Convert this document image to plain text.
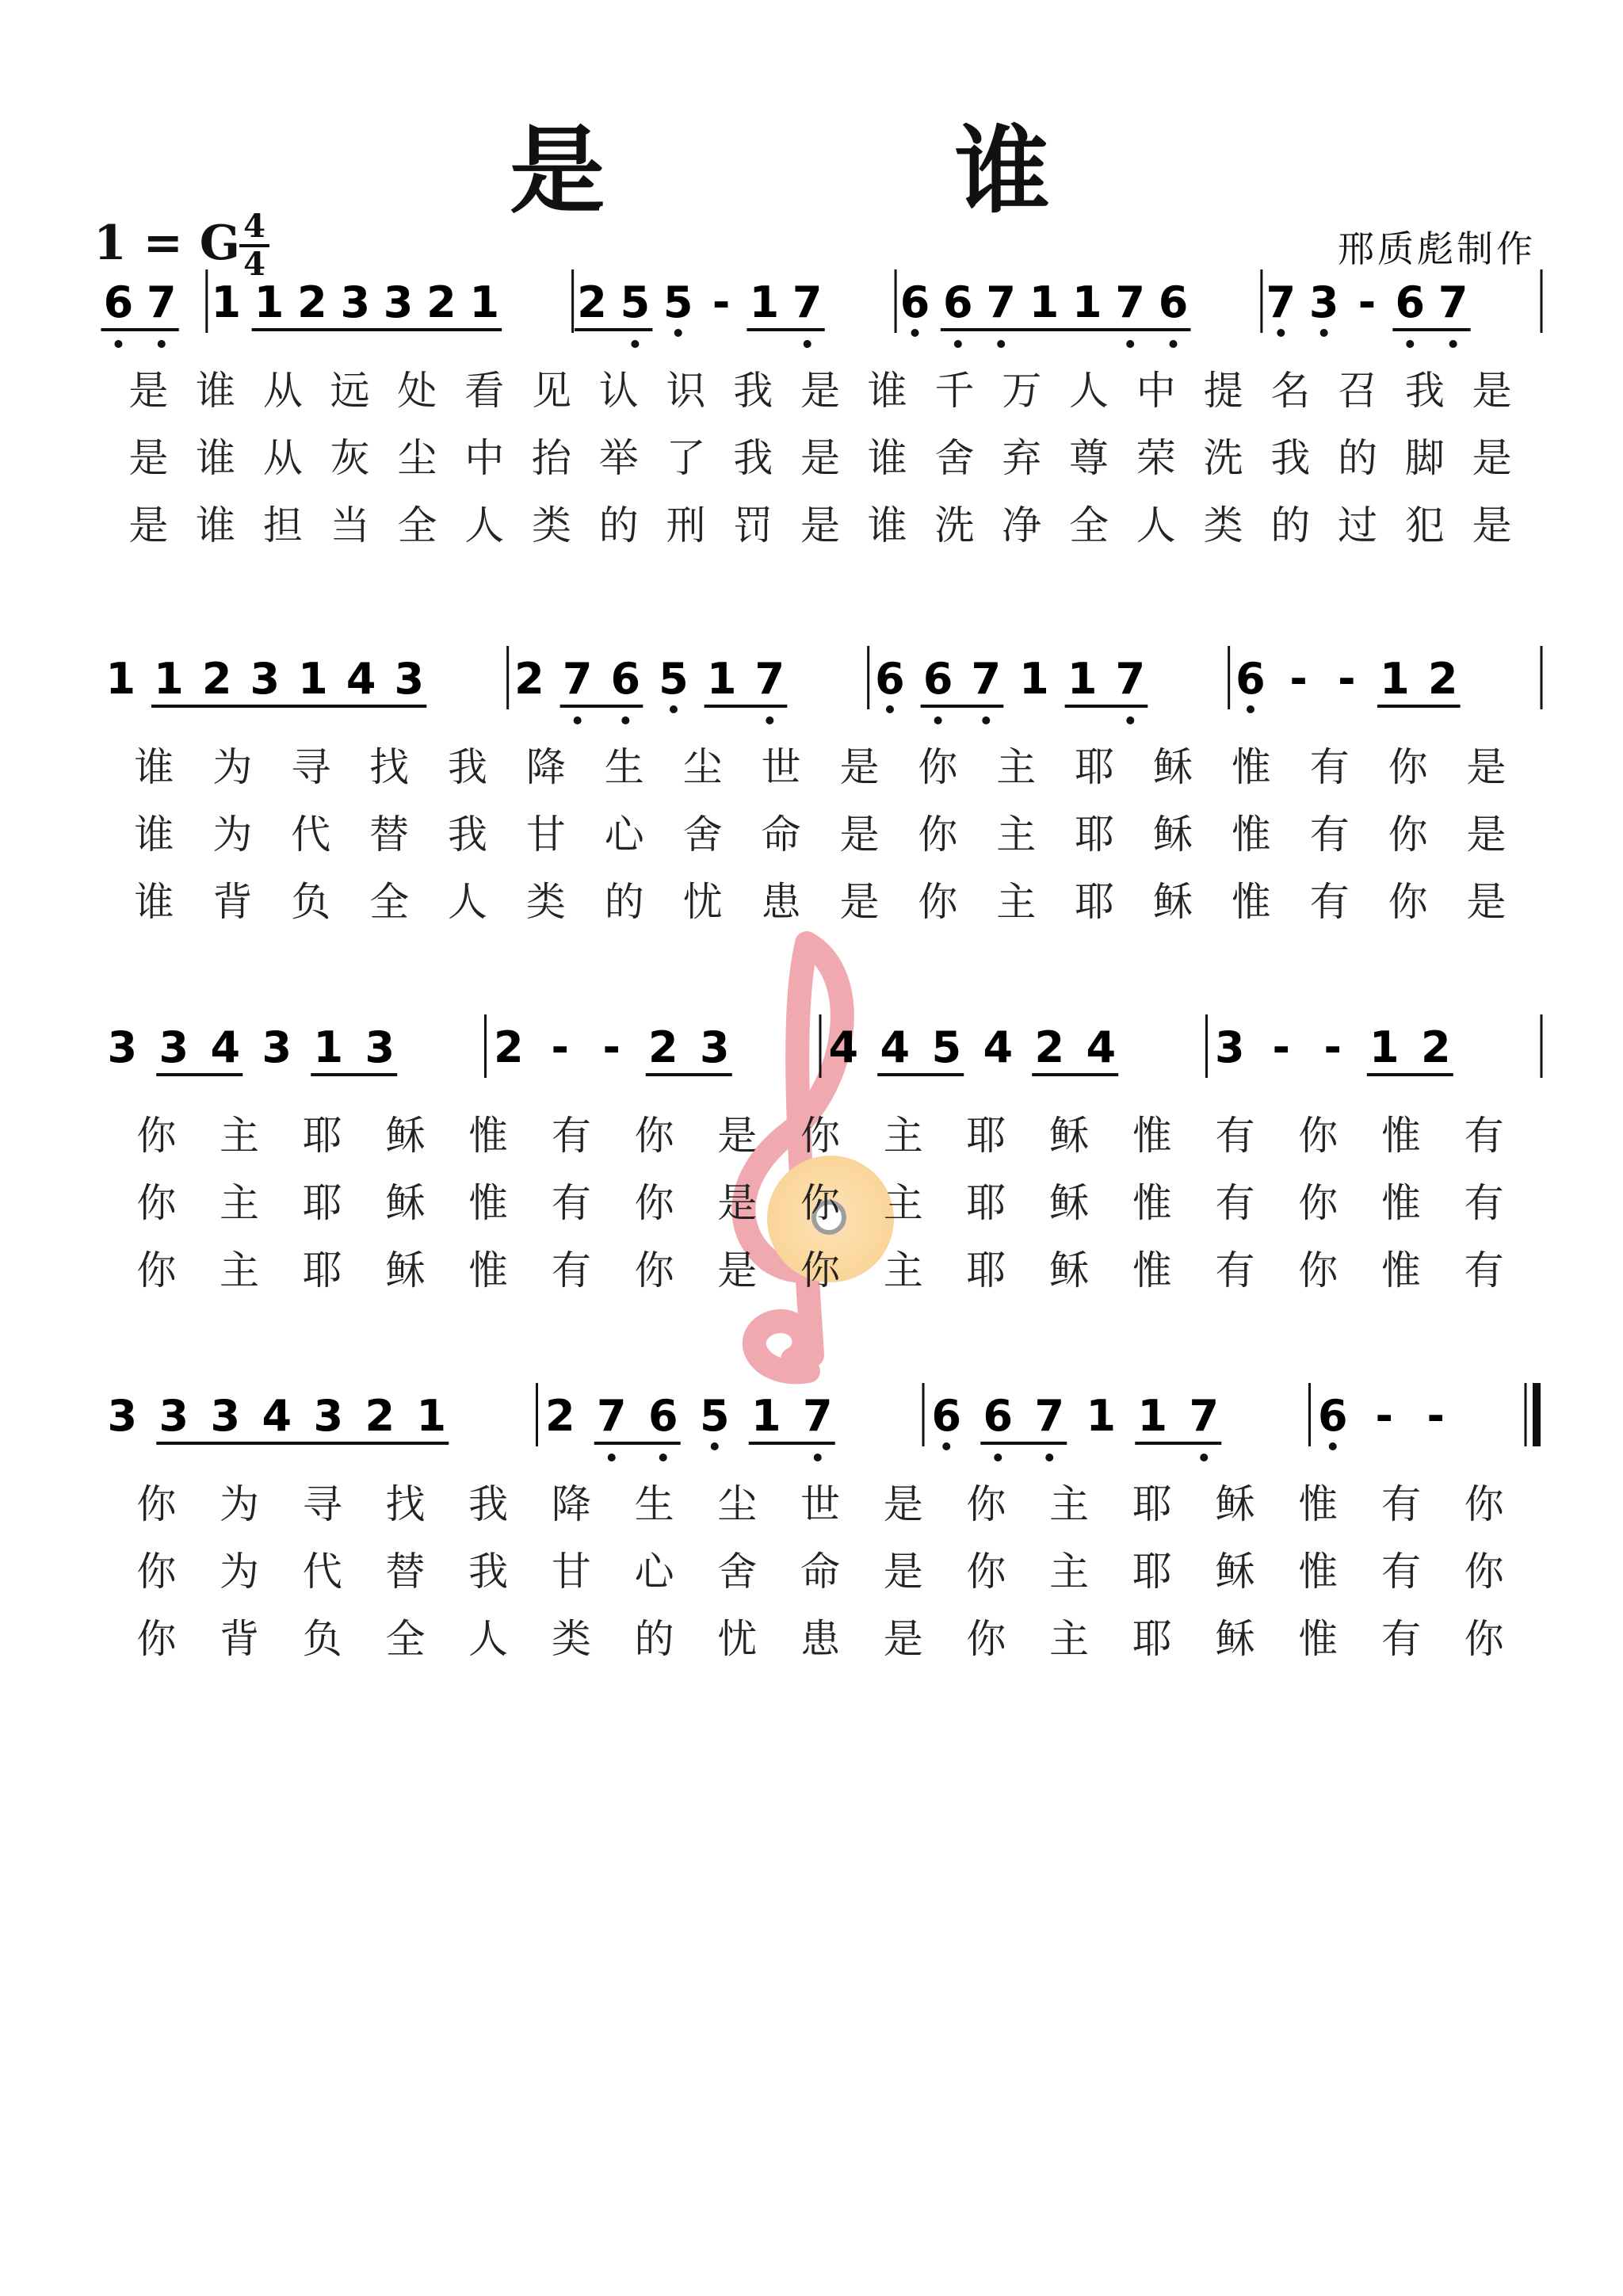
是 谁
1 = G 4
4	邢质彪制作
6 7 1 1 2 3 3 2 1 2 5 5 - 1 7 6 6 7 1 1 7 6 7 3 - 6 7
是 谁 从 远 处 看 见 认 识 我 是 谁 千 万 人 中 提 名 召 我 是
是 谁 从 灰 尘 中 抬 举 了 我 是 谁 舍 弃 尊 荣 洗 我 的 脚 是
是 谁 担 当 全 人 类 的 刑 罚 是 谁 洗 净 全 人 类 的 过 犯 是
1 1 2 3 1 4 3 2 7 6 5 1 7 6 6 7 1 1 7 6 - - 1 2
谁 为 寻 找 我 降 生 尘 世 是 你 主 耶 稣 惟 有 你 是
谁 为 代 替 我 甘 心 舍 命 是 你 主 耶 稣 惟 有 你 是
谁 背 负 全 人 类 的 忧 患 是 你 主 耶 稣 惟 有 你 是
3 3 4 3 1 3 2 - - 2 3 4 4 5 4 2 4 3 - - 1 2
你 主 耶 稣 惟 有 你 是 你 主 耶 稣 惟 有 你 惟 有
你 主 耶 稣 惟 有 你 是 你 主 耶 稣 惟 有 你 惟 有
你 主 耶 稣 惟 有 你 是 你 主 耶 稣 惟 有 你 惟 有
3 3 3 4 3 2 1 2 7 6 5 1 7 6 6 7 1 1 7 6 - -
你 为 寻 找 我 降 生 尘 世 是 你 主 耶 稣 惟 有 你
你 为 代 替 我 甘 心 舍 命 是 你 主 耶 稣 惟 有 你
你 背 负 全 人 类 的 忧 患 是 你 主 耶 稣 惟 有 你
